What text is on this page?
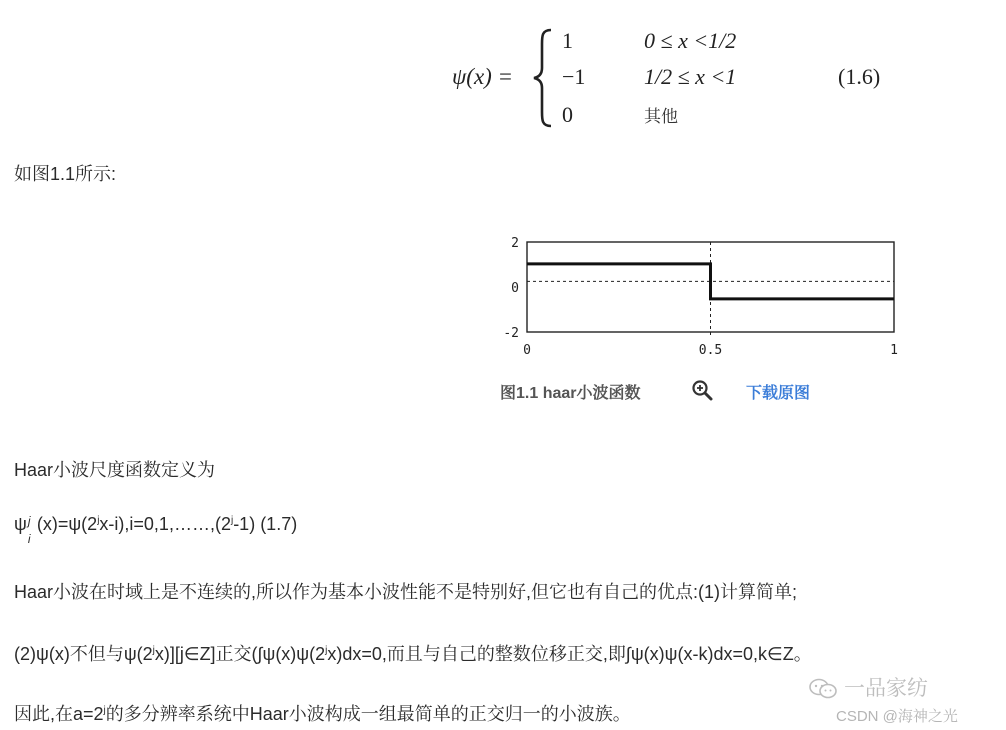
ψ(x) =
1	0 ≤ x <1/2
−1	1/2 ≤ x <1
0	其他
(1.6)
如图1.1所示:
2
0
-2
0	0.5	1
图1.1 haar小波函数	下载原图
Haar小波尺度函数定义为
ψ j
i
$(x)=\psi(2^jx-i),i=0,1,\dots\dots,(2^j-1)$ (1.7)
Haar小波在时域上是不连续的,所以作为基本小波性能不是特别好,但它也有自己的优点:(1)计算简单;
(2)ψ(x)不但与ψ(2$^j$x)][j∈Z]正交($\int\psi(x)\psi(2^jx)dx=0$,而且与自己的整数位移正交,即∫ψ(x)ψ(x-k)dx=0,k∈Z。
因此,在$a=2^j$的多分辨率系统中Haar小波构成一组最简单的正交归一的小波族。
一品家纺
CSDN @海神之光
